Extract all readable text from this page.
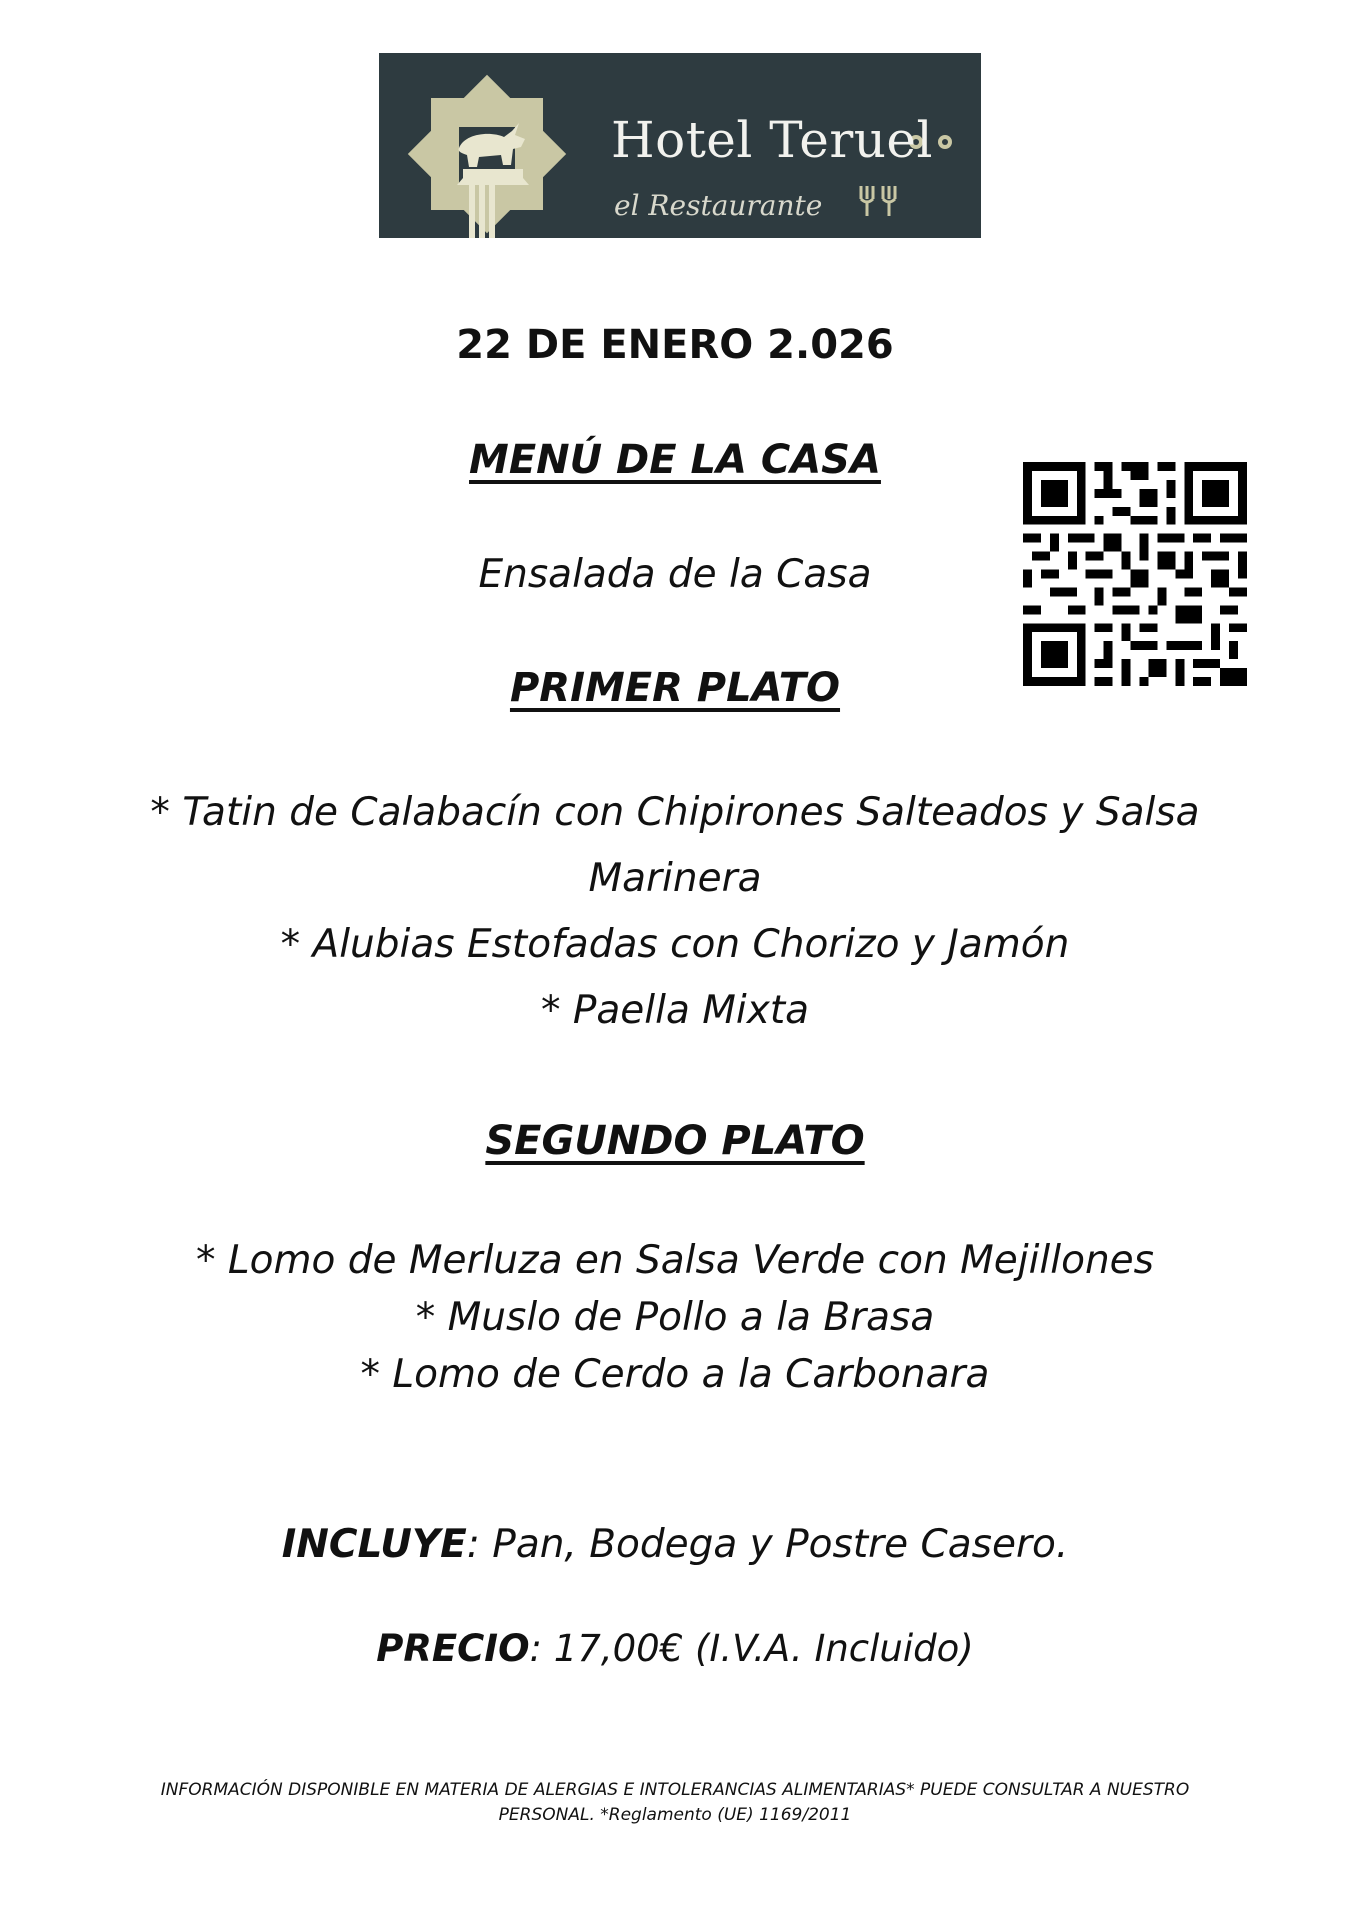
Hotel Teruel
el Restaurante
22 DE ENERO 2.026
MENÚ DE LA CASA
Ensalada de la Casa
PRIMER PLATO
* Tatin de Calabacín con Chipirones Salteados y Salsa
Marinera
* Alubias Estofadas con Chorizo y Jamón
* Paella Mixta
SEGUNDO PLATO
* Lomo de Merluza en Salsa Verde con Mejillones
* Muslo de Pollo a la Brasa
* Lomo de Cerdo a la Carbonara
INCLUYE: Pan, Bodega y Postre Casero.
PRECIO: 17,00€ (I.V.A. Incluido)
INFORMACIÓN DISPONIBLE EN MATERIA DE ALERGIAS E INTOLERANCIAS ALIMENTARIAS* PUEDE CONSULTAR A NUESTRO
PERSONAL. *Reglamento (UE) 1169/2011
